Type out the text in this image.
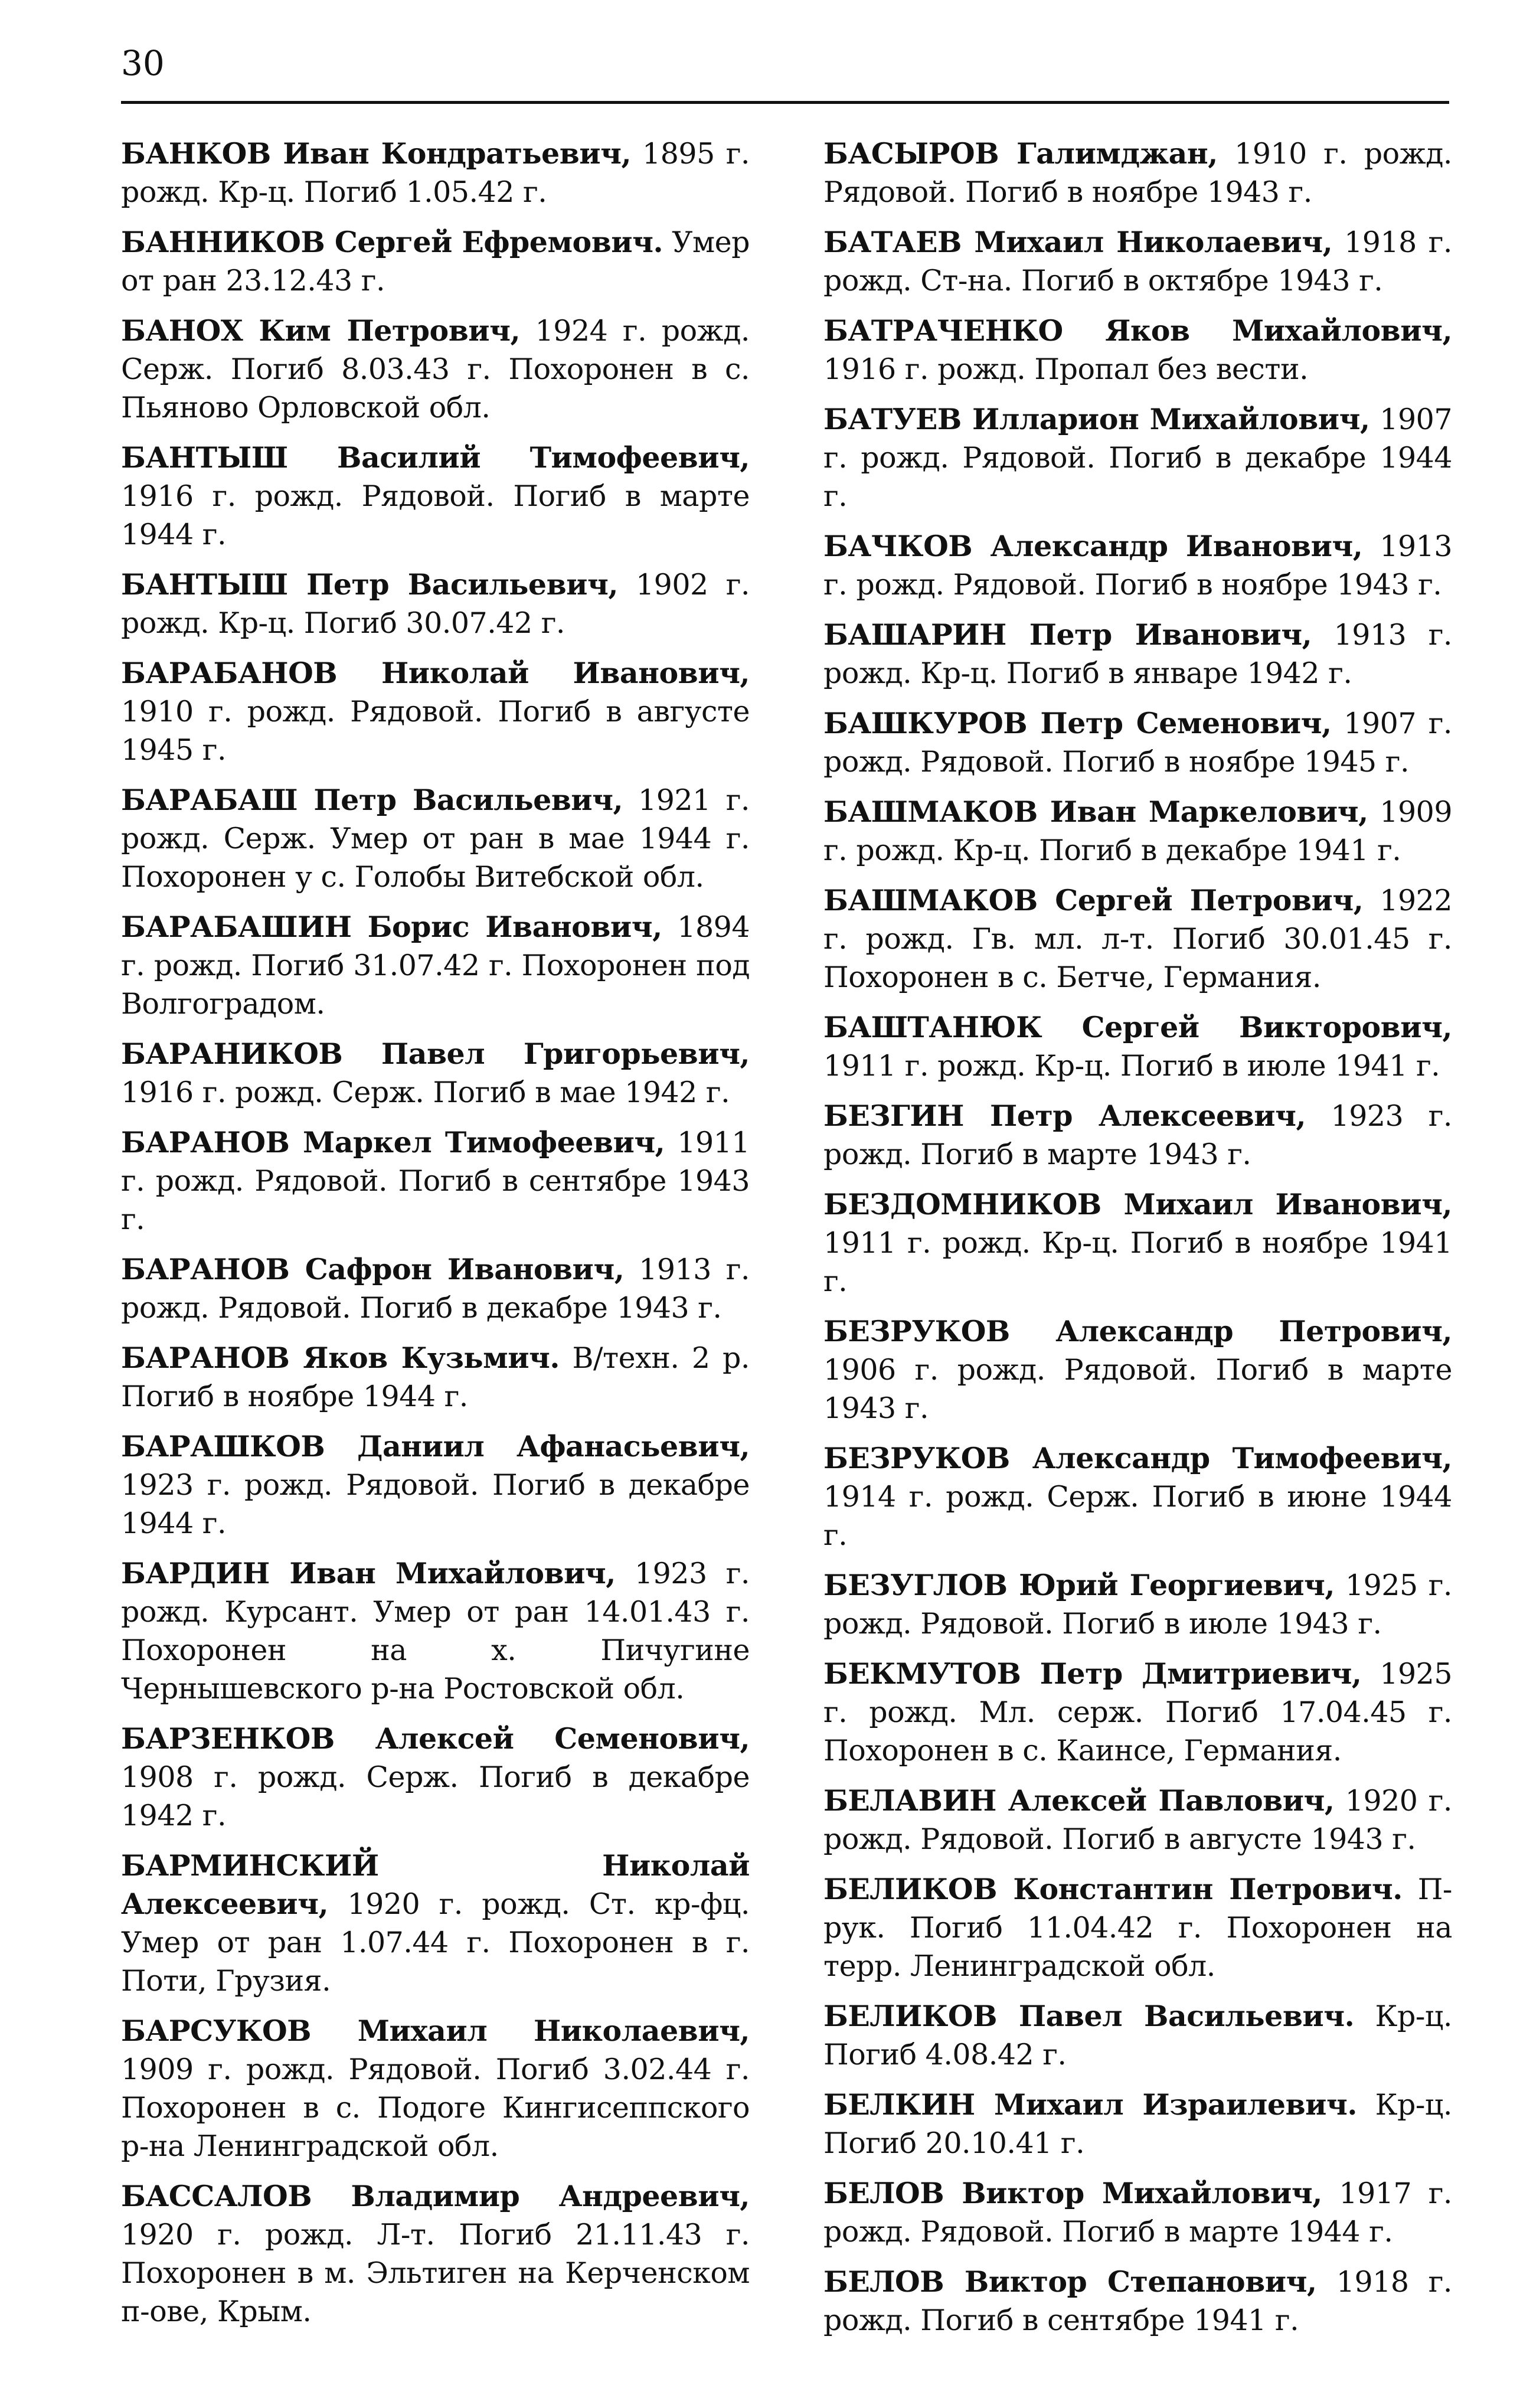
30
БАНКОВ Иван Кондратьевич, 1895 г. рожд. Кр-ц. Погиб 1.05.42 г.
БАННИКОВ Сергей Ефремович. Умер от ран 23.12.43 г.
БАНОХ Ким Петрович, 1924 г. рожд. Серж. Погиб 8.03.43 г. Похоронен в с. Пьяново Орловской обл.
БАНТЫШ Василий Тимофеевич, 1916 г. рожд. Рядовой. Погиб в марте 1944 г.
БАНТЫШ Петр Васильевич, 1902 г. рожд. Кр-ц. Погиб 30.07.42 г.
БАРАБАНОВ Николай Иванович, 1910 г. рожд. Рядовой. Погиб в августе 1945 г.
БАРАБАШ Петр Васильевич, 1921 г. рожд. Серж. Умер от ран в мае 1944 г. Похоронен у с. Голобы Витебской обл.
БАРАБАШИН Борис Иванович, 1894 г. рожд. Погиб 31.07.42 г. Похоронен под Волгоградом.
БАРАНИКОВ Павел Григорьевич, 1916 г. рожд. Серж. Погиб в мае 1942 г.
БАРАНОВ Маркел Тимофеевич, 1911 г. рожд. Рядовой. Погиб в сентябре 1943 г.
БАРАНОВ Сафрон Иванович, 1913 г. рожд. Рядовой. Погиб в декабре 1943 г.
БАРАНОВ Яков Кузьмич. В/техн. 2 р. Погиб в ноябре 1944 г.
БАРАШКОВ Даниил Афанасьевич, 1923 г. рожд. Рядовой. Погиб в декабре 1944 г.
БАРДИН Иван Михайлович, 1923 г. рожд. Курсант. Умер от ран 14.01.43 г. Похоронен на х. Пичугине Чернышевского р-на Ростовской обл.
БАРЗЕНКОВ Алексей Семенович, 1908 г. рожд. Серж. Погиб в декабре 1942 г.
БАРМИНСКИЙ Николай Алексеевич, 1920 г. рожд. Ст. кр-фц. Умер от ран 1.07.44 г. Похоронен в г. Поти, Грузия.
БАРСУКОВ Михаил Николаевич, 1909 г. рожд. Рядовой. Погиб 3.02.44 г. Похоронен в с. Подоге Кингисеппского р-на Ленинградской обл.
БАССАЛОВ Владимир Андреевич, 1920 г. рожд. Л-т. Погиб 21.11.43 г. Похоронен в м. Эльтиген на Керченском п-ове, Крым.
БАСЫРОВ Галимджан, 1910 г. рожд. Рядовой. Погиб в ноябре 1943 г.
БАТАЕВ Михаил Николаевич, 1918 г. рожд. Ст-на. Погиб в октябре 1943 г.
БАТРАЧЕНКО Яков Михайлович, 1916 г. рожд. Пропал без вести.
БАТУЕВ Илларион Михайлович, 1907 г. рожд. Рядовой. Погиб в декабре 1944 г.
БАЧКОВ Александр Иванович, 1913 г. рожд. Рядовой. Погиб в ноябре 1943 г.
БАШАРИН Петр Иванович, 1913 г. рожд. Кр-ц. Погиб в январе 1942 г.
БАШКУРОВ Петр Семенович, 1907 г. рожд. Рядовой. Погиб в ноябре 1945 г.
БАШМАКОВ Иван Маркелович, 1909 г. рожд. Кр-ц. Погиб в декабре 1941 г.
БАШМАКОВ Сергей Петрович, 1922 г. рожд. Гв. мл. л-т. Погиб 30.01.45 г. Похоронен в с. Бетче, Германия.
БАШТАНЮК Сергей Викторович, 1911 г. рожд. Кр-ц. Погиб в июле 1941 г.
БЕЗГИН Петр Алексеевич, 1923 г. рожд. Погиб в марте 1943 г.
БЕЗДОМНИКОВ Михаил Иванович, 1911 г. рожд. Кр-ц. Погиб в ноябре 1941 г.
БЕЗРУКОВ Александр Петрович, 1906 г. рожд. Рядовой. Погиб в марте 1943 г.
БЕЗРУКОВ Александр Тимофеевич, 1914 г. рожд. Серж. Погиб в июне 1944 г.
БЕЗУГЛОВ Юрий Георгиевич, 1925 г. рожд. Рядовой. Погиб в июле 1943 г.
БЕКМУТОВ Петр Дмитриевич, 1925 г. рожд. Мл. серж. Погиб 17.04.45 г. Похоронен в с. Каинсе, Германия.
БЕЛАВИН Алексей Павлович, 1920 г. рожд. Рядовой. Погиб в августе 1943 г.
БЕЛИКОВ Константин Петрович. П-рук. Погиб 11.04.42 г. Похоронен на терр. Ленинградской обл.
БЕЛИКОВ Павел Васильевич. Кр-ц. Погиб 4.08.42 г.
БЕЛКИН Михаил Израилевич. Кр-ц. Погиб 20.10.41 г.
БЕЛОВ Виктор Михайлович, 1917 г. рожд. Рядовой. Погиб в марте 1944 г.
БЕЛОВ Виктор Степанович, 1918 г. рожд. Погиб в сентябре 1941 г.
